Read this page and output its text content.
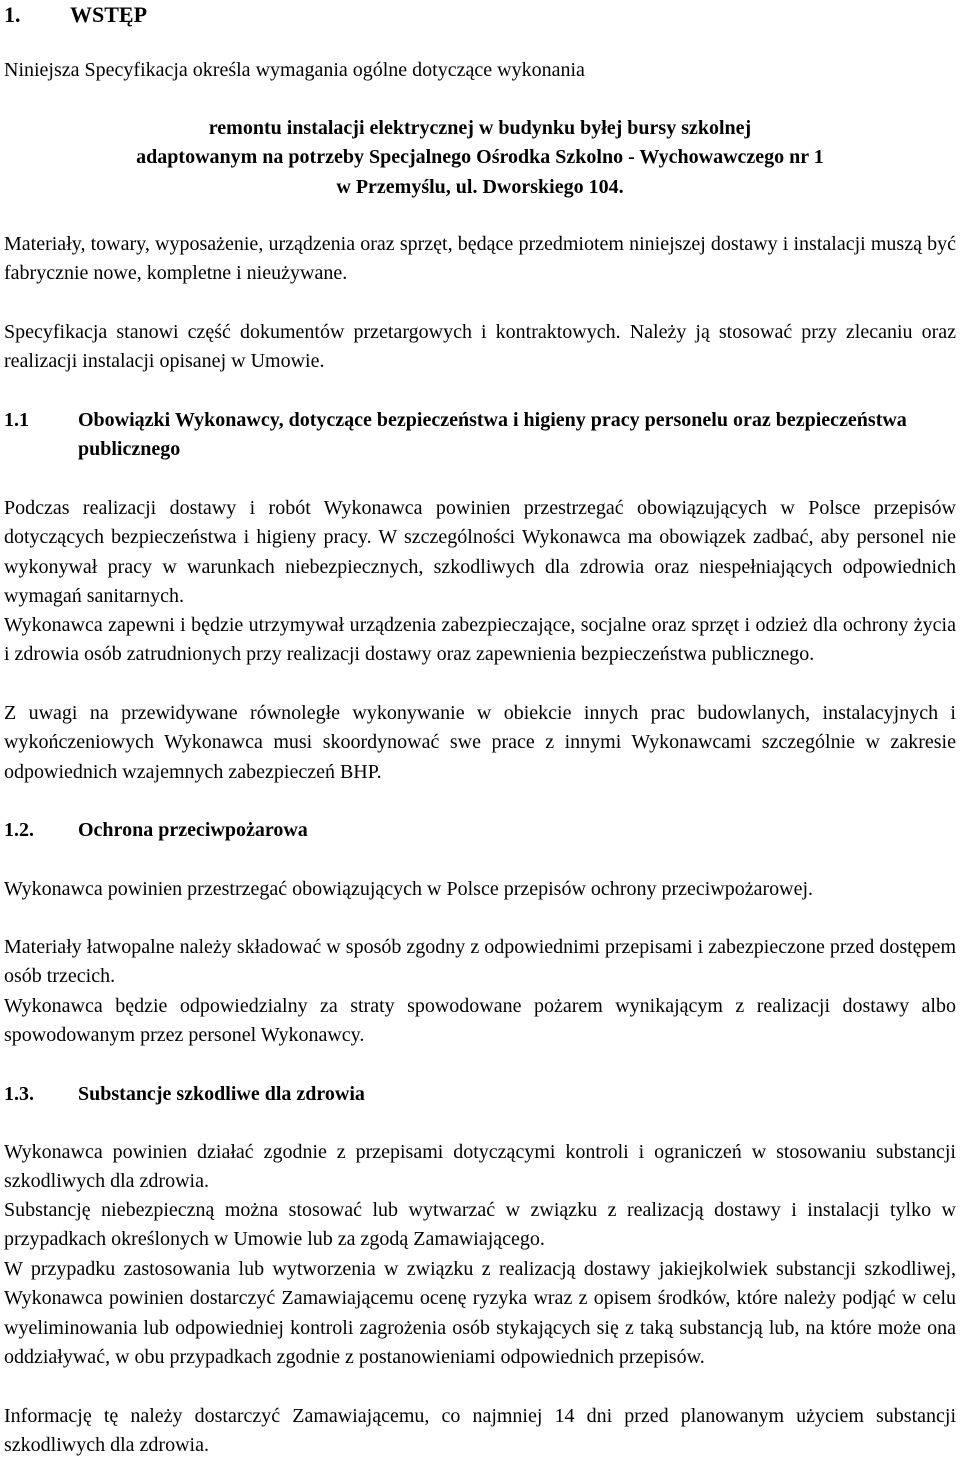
1. WSTĘP
Niniejsza Specyfikacja określa wymagania ogólne dotyczące wykonania
remontu instalacji elektrycznej w budynku byłej bursy szkolnej
adaptowanym na potrzeby Specjalnego Ośrodka Szkolno - Wychowawczego nr 1
w Przemyślu, ul. Dworskiego 104.
Materiały, towary, wyposażenie, urządzenia oraz sprzęt, będące przedmiotem niniejszej dostawy i instalacji muszą być fabrycznie nowe, kompletne i nieużywane.
Specyfikacja stanowi część dokumentów przetargowych i kontraktowych. Należy ją stosować przy zlecaniu oraz realizacji instalacji opisanej w Umowie.
1.1 Obowiązki Wykonawcy, dotyczące bezpieczeństwa i higieny pracy personelu oraz bezpieczeństwa publicznego
Podczas realizacji dostawy i robót Wykonawca powinien przestrzegać obowiązujących w Polsce przepisów dotyczących bezpieczeństwa i higieny pracy. W szczególności Wykonawca ma obowiązek zadbać, aby personel nie wykonywał pracy w warunkach niebezpiecznych, szkodliwych dla zdrowia oraz niespełniających odpowiednich wymagań sanitarnych.
Wykonawca zapewni i będzie utrzymywał urządzenia zabezpieczające, socjalne oraz sprzęt i odzież dla ochrony życia i zdrowia osób zatrudnionych przy realizacji dostawy oraz zapewnienia bezpieczeństwa publicznego.
Z uwagi na przewidywane równoległe wykonywanie w obiekcie innych prac budowlanych, instalacyjnych i wykończeniowych Wykonawca musi skoordynować swe prace z innymi Wykonawcami szczególnie w zakresie odpowiednich wzajemnych zabezpieczeń BHP.
1.2. Ochrona przeciwpożarowa
Wykonawca powinien przestrzegać obowiązujących w Polsce przepisów ochrony przeciwpożarowej.
Materiały łatwopalne należy składować w sposób zgodny z odpowiednimi przepisami i zabezpieczone przed dostępem osób trzecich.
Wykonawca będzie odpowiedzialny za straty spowodowane pożarem wynikającym z realizacji dostawy albo spowodowanym przez personel Wykonawcy.
1.3. Substancje szkodliwe dla zdrowia
Wykonawca powinien działać zgodnie z przepisami dotyczącymi kontroli i ograniczeń w stosowaniu substancji szkodliwych dla zdrowia.
Substancję niebezpieczną można stosować lub wytwarzać w związku z realizacją dostawy i instalacji tylko w przypadkach określonych w Umowie lub za zgodą Zamawiającego.
W przypadku zastosowania lub wytworzenia w związku z realizacją dostawy jakiejkolwiek substancji szkodliwej, Wykonawca powinien dostarczyć Zamawiającemu ocenę ryzyka wraz z opisem środków, które należy podjąć w celu wyeliminowania lub odpowiedniej kontroli zagrożenia osób stykających się z taką substancją lub, na które może ona oddziaływać, w obu przypadkach zgodnie z postanowieniami odpowiednich przepisów.
Informację tę należy dostarczyć Zamawiającemu, co najmniej 14 dni przed planowanym użyciem substancji szkodliwych dla zdrowia.
